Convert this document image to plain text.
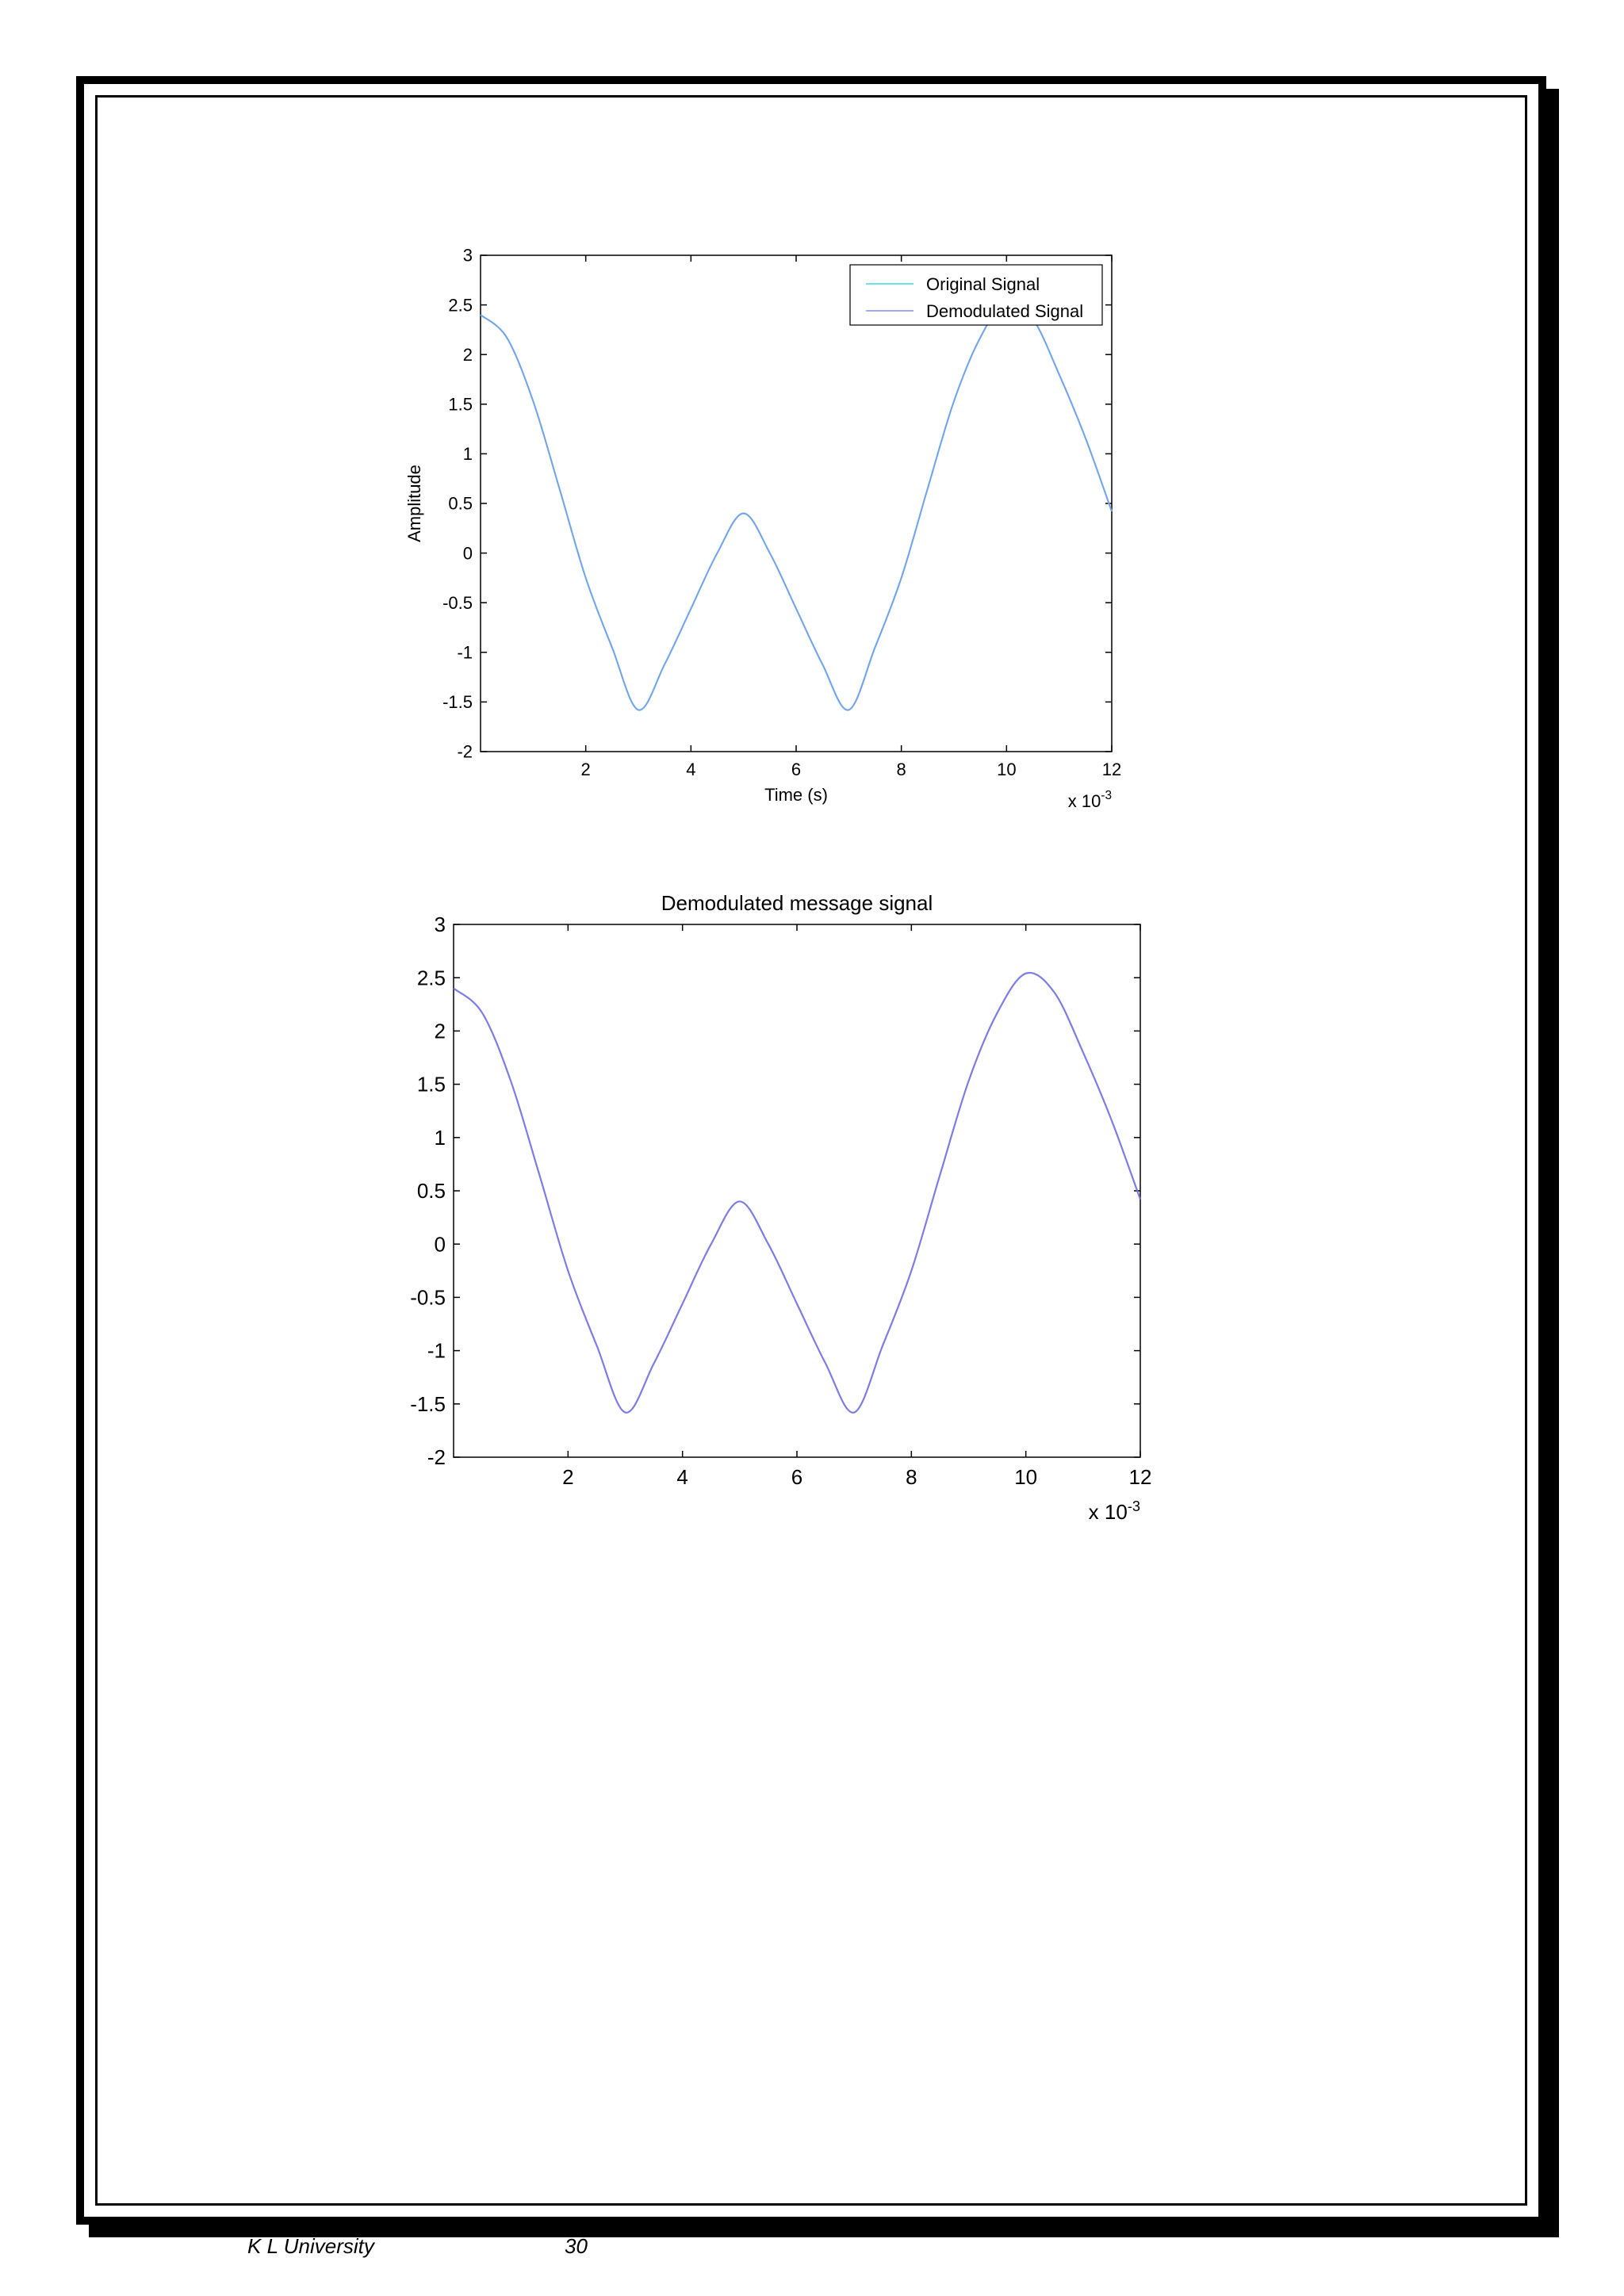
-2
-1.5
-1
-0.5
0
0.5
1
1.5
2
2.5
3
2	4	6	8	10	12
x $10^{-3}$
Time (s)
Amplitude
Original Signal
Demodulated Signal
-2
-1.5
-1
-0.5
0
0.5
1
1.5
2
2.5
3
2	4	6	8	10	12
x $10^{-3}$
Demodulated message signal
K L University	30
